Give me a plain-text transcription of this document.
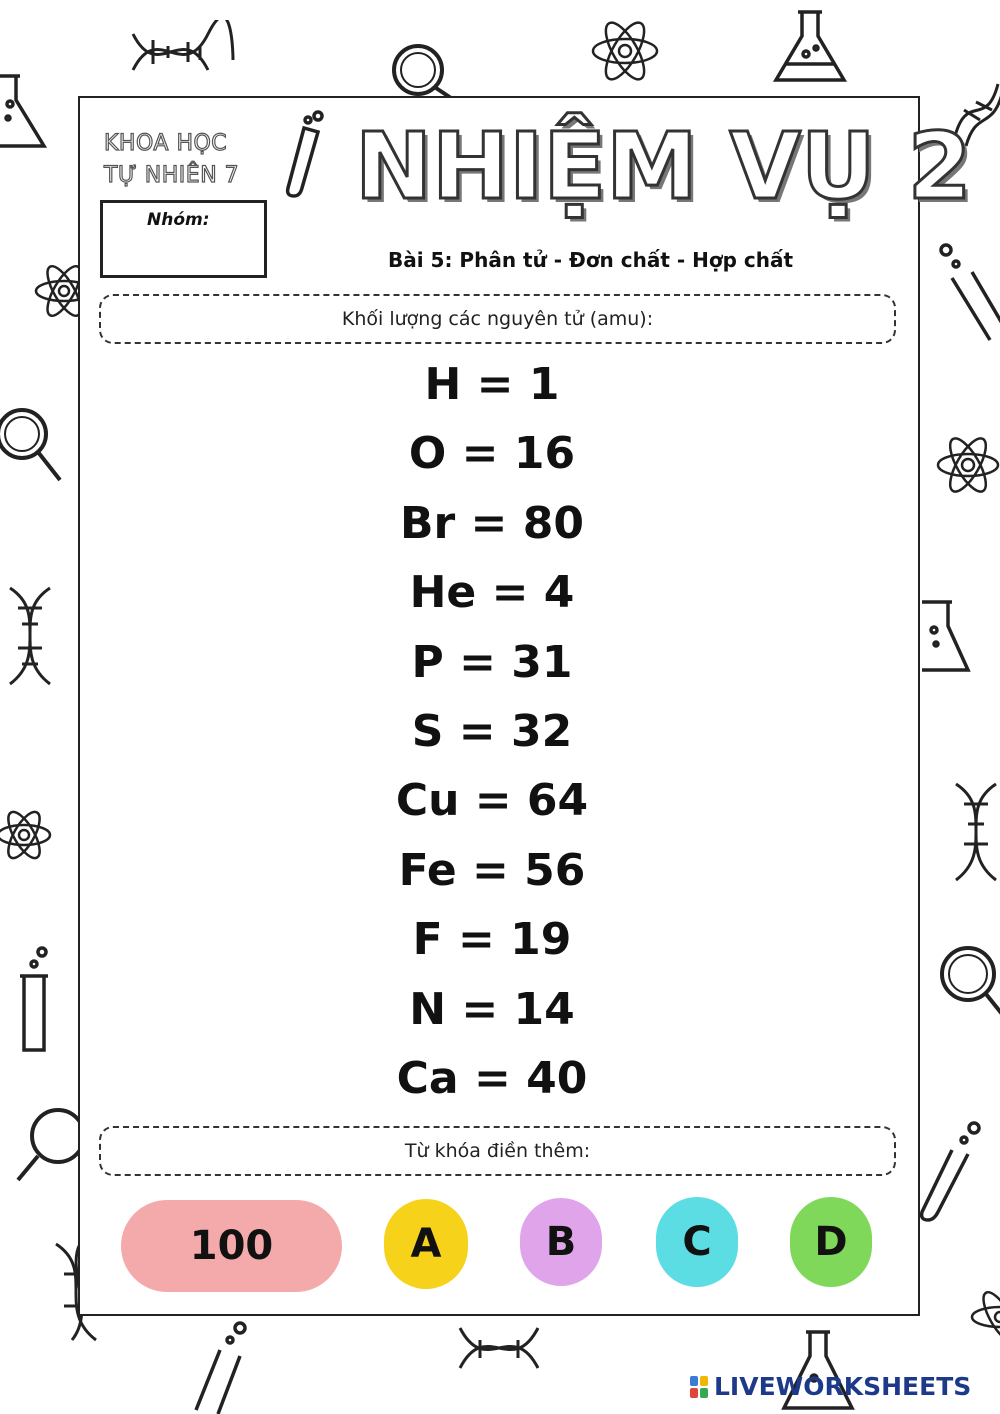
KHOA HỌC
TỰ NHIÊN 7
Nhóm: NHIỆM VỤ 2
Bài 5: Phân tử - Đơn chất - Hợp chất
Khối lượng các nguyên tử (amu):
H = 1
O = 16
Br = 80
He = 4
P = 31
S = 32
Cu = 64
Fe = 56
F = 19
N = 14
Ca = 40
Từ khóa điền thêm:
100	A	B	C	D
LIVEWORKSHEETS
